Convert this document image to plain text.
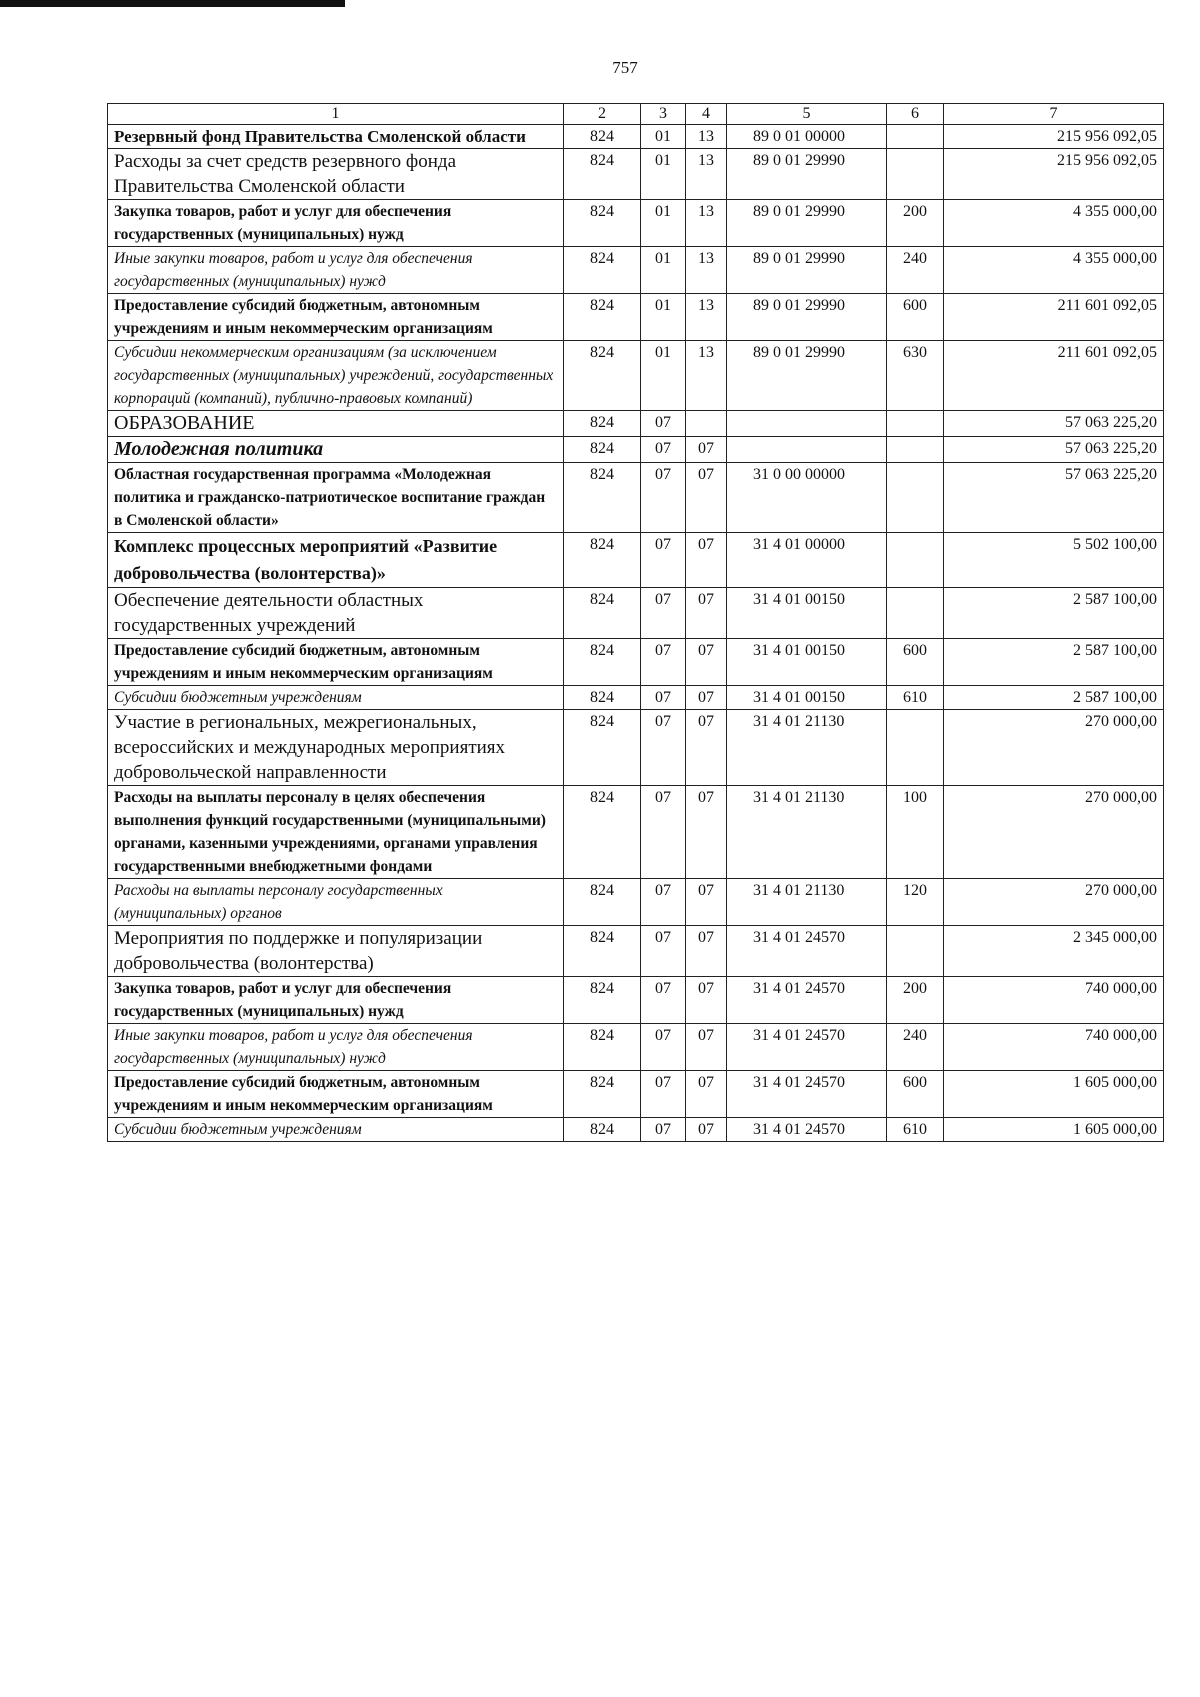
757
1	2	3	4	5	6	7
Резервный фонд Правительства Смоленской области	824	01	13	89 0 01 00000		215 956 092,05
Расходы за счет средств резервного фонда Правительства Смоленской области	824	01	13	89 0 01 29990		215 956 092,05
Закупка товаров, работ и услуг для обеспечения государственных (муниципальных) нужд	824	01	13	89 0 01 29990	200	4 355 000,00
Иные закупки товаров, работ и услуг для обеспечения государственных (муниципальных) нужд	824	01	13	89 0 01 29990	240	4 355 000,00
Предоставление субсидий бюджетным, автономным учреждениям и иным некоммерческим организациям	824	01	13	89 0 01 29990	600	211 601 092,05
Субсидии некоммерческим организациям (за исключением государственных (муниципальных) учреждений, государственных корпораций (компаний), публично-правовых компаний)	824	01	13	89 0 01 29990	630	211 601 092,05
ОБРАЗОВАНИЕ	824	07				57 063 225,20
Молодежная политика	824	07	07			57 063 225,20
Областная государственная программа «Молодежная политика и гражданско-патриотическое воспитание граждан в Смоленской области»	824	07	07	31 0 00 00000		57 063 225,20
Комплекс процессных мероприятий «Развитие добровольчества (волонтерства)»	824	07	07	31 4 01 00000		5 502 100,00
Обеспечение деятельности областных государственных учреждений	824	07	07	31 4 01 00150		2 587 100,00
Предоставление субсидий бюджетным, автономным учреждениям и иным некоммерческим организациям	824	07	07	31 4 01 00150	600	2 587 100,00
Субсидии бюджетным учреждениям	824	07	07	31 4 01 00150	610	2 587 100,00
Участие в региональных, межрегиональных, всероссийских и международных мероприятиях добровольческой направленности	824	07	07	31 4 01 21130		270 000,00
Расходы на выплаты персоналу в целях обеспечения выполнения функций государственными (муниципальными) органами, казенными учреждениями, органами управления государственными внебюджетными фондами	824	07	07	31 4 01 21130	100	270 000,00
Расходы на выплаты персоналу государственных (муниципальных) органов	824	07	07	31 4 01 21130	120	270 000,00
Мероприятия по поддержке и популяризации добровольчества (волонтерства)	824	07	07	31 4 01 24570		2 345 000,00
Закупка товаров, работ и услуг для обеспечения государственных (муниципальных) нужд	824	07	07	31 4 01 24570	200	740 000,00
Иные закупки товаров, работ и услуг для обеспечения государственных (муниципальных) нужд	824	07	07	31 4 01 24570	240	740 000,00
Предоставление субсидий бюджетным, автономным учреждениям и иным некоммерческим организациям	824	07	07	31 4 01 24570	600	1 605 000,00
Субсидии бюджетным учреждениям	824	07	07	31 4 01 24570	610	1 605 000,00
